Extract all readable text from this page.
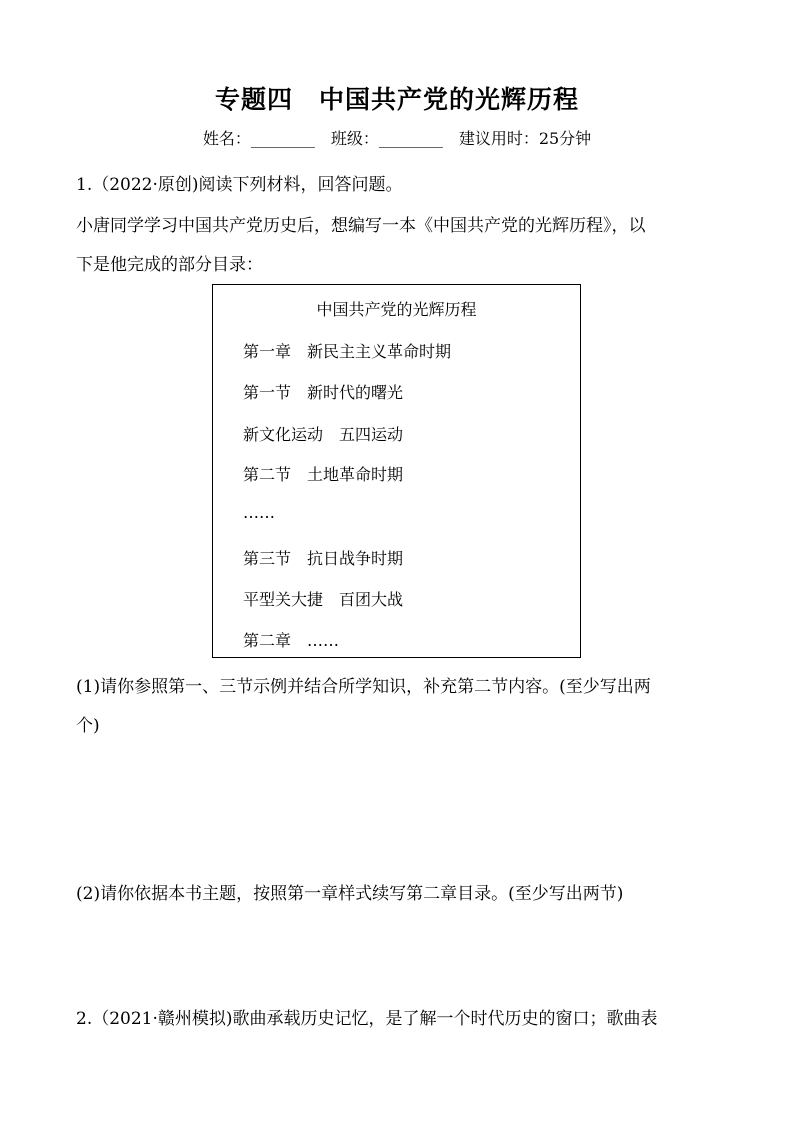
专题四　中国共产党的光辉历程
姓名：________　班级：________　建议用时：25分钟
1.（2022·原创)阅读下列材料，回答问题。
小唐同学学习中国共产党历史后，想编写一本《中国共产党的光辉历程》，以
下是他完成的部分目录：
中国共产党的光辉历程
第一章　新民主主义革命时期
第一节　新时代的曙光
新文化运动　五四运动
第二节　土地革命时期
……
第三节　抗日战争时期
平型关大捷　百团大战
第二章　……
(1)请你参照第一、三节示例并结合所学知识，补充第二节内容。(至少写出两
个)
(2)请你依据本书主题，按照第一章样式续写第二章目录。(至少写出两节)
2.（2021·赣州模拟)歌曲承载历史记忆，是了解一个时代历史的窗口；歌曲表
